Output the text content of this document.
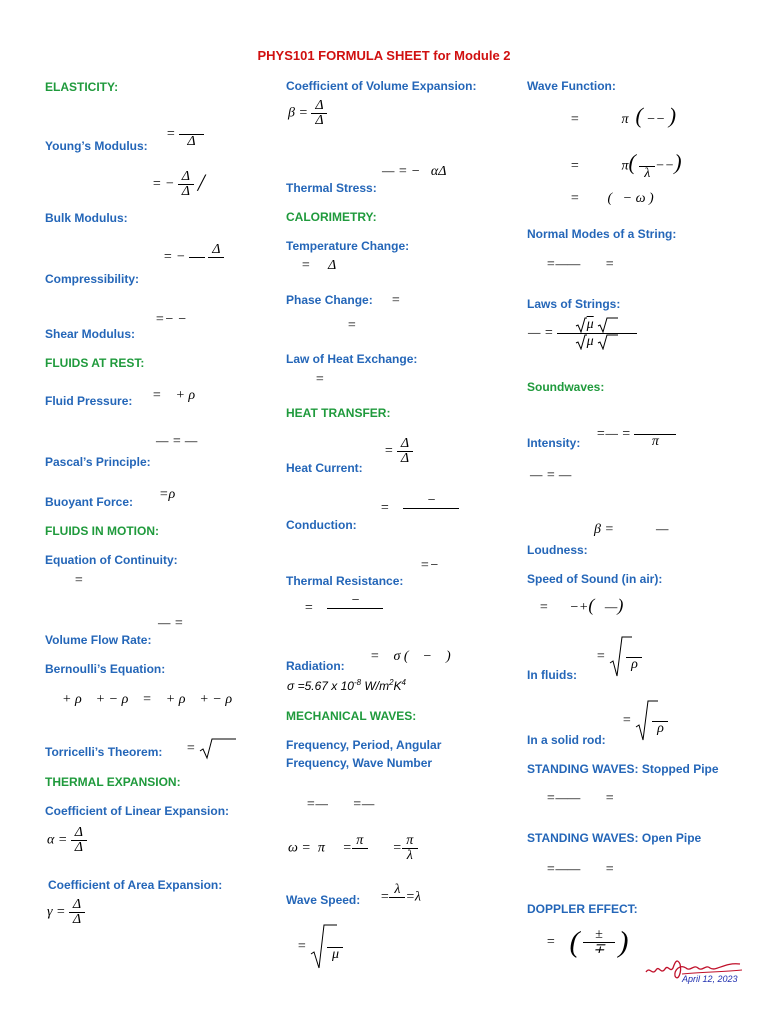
PHYS101 FORMULA SHEET for Module 2
ELASTICITY:
=
Δ
Young’s Modulus:
= − $\frac{\Delta}{\Delta}$ ╱
Bulk Modulus:
= −

Δ

Compressibility:
=− −
Shear Modulus:
FLUIDS AT REST:
= + ρ
Fluid Pressure:
— = —
Pascal’s Principle:
=ρ
Buoyant Force:
FLUIDS IN MOTION:
Equation of Continuity:
=
— =
Volume Flow Rate:
Bernoulli’s Equation:
+ ρ + − ρ = + ρ + − ρ
=
Torricelli’s Theorem:
THERMAL EXPANSION:
Coefficient of Linear Expansion:
$\alpha = \frac{\Delta}{\Delta}$
Coefficient of Area Expansion:
$\gamma = \frac{\Delta}{\Delta}$
Coefficient of Volume Expansion:
$\beta = \frac{\Delta}{\Delta}$
— = − αΔ
Thermal Stress:
CALORIMETRY:
Temperature Change:
= Δ
Phase Change: =
=
Law of Heat Exchange:
=
HEAT TRANSFER:
= $\frac{\Delta}{\Delta}$
Heat Current:
=
−

Conduction:
=−
Thermal Resistance:
=
−

= σ ( − )
Radiation:
σ =5.67 x $10^{-8}$ $W/m^2K^4$
MECHANICAL WAVES:
Frequency, Period, Angular
Frequency, Wave Number
=— =—
ω = π =
π

= $\frac{\pi}{\lambda}$
Wave Speed: =
λ

=λ
=
	μ
Wave Function:
=	π ( −− )
=	π(
λ −−)
= ( − ω )
Normal Modes of a String:
=—— =
Laws of Strings:
— = $\frac{\overline{\mu}}{\overline{\mu}}$
Soundwaves:
=— =
	π
Intensity:
— = —
β =	—
Loudness:
Speed of Sound (in air):
= −+( —)
=
	ρ
In fluids:
=
	ρ
In a solid rod:
STANDING WAVES: Stopped Pipe
=—— =
STANDING WAVES: Open Pipe
=—— =
DOPPLER EFFECT:
= ( $\frac{\pm}{\mp}$ )
April 12, 2023
